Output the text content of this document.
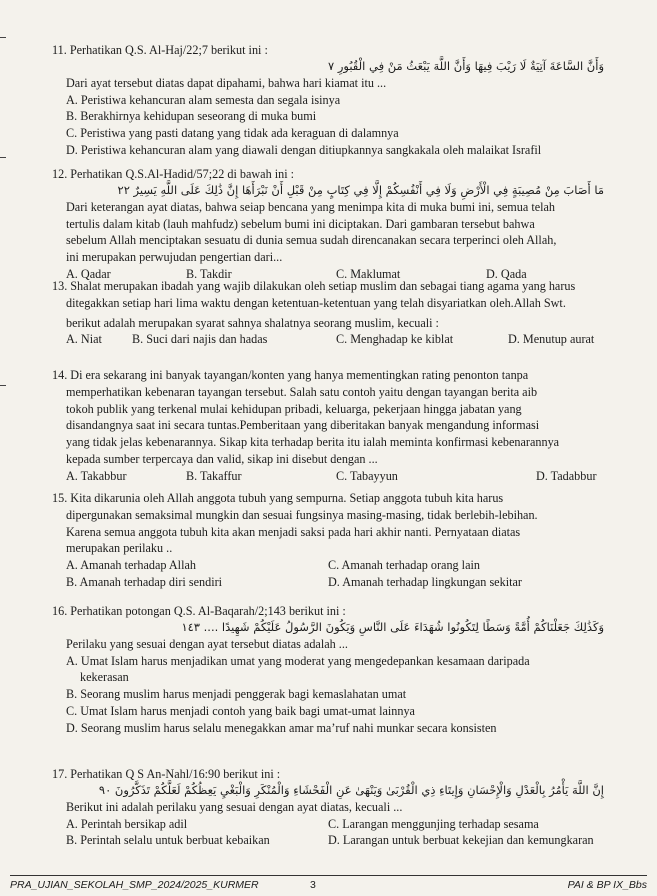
11. Perhatikan Q.S. Al-Haj/22;7 berikut ini :

وَأَنَّ السَّاعَةَ آتِيَةٌ لَا رَيْبَ فِيهَا وَأَنَّ اللَّهَ يَبْعَثُ مَنْ فِي الْقُبُورِ ٧

Dari ayat tersebut diatas dapat dipahami, bahwa hari kiamat itu ...

A. Peristiwa kehancuran alam semesta dan segala isinya
B. Berakhirnya kehidupan seseorang di muka bumi
C. Peristiwa yang pasti datang yang tidak ada keraguan di dalamnya
D. Peristiwa kehancuran alam yang diawali dengan ditiupkannya sangkakala oleh malaikat Israfil

12. Perhatikan Q.S.Al-Hadid/57;22 di bawah ini :

مَا أَصَابَ مِنْ مُصِيبَةٍ فِي الْأَرْضِ وَلَا فِي أَنْفُسِكُمْ إِلَّا فِي كِتَابٍ مِنْ قَبْلِ أَنْ نَبْرَأَهَا إِنَّ ذَٰلِكَ عَلَى اللَّهِ يَسِيرٌ ٢٢

Dari keterangan ayat diatas, bahwa seiap bencana yang menimpa kita di muka bumi ini, semua telah
tertulis dalam kitab (lauh mahfudz) sebelum bumi ini diciptakan. Dari gambaran tersebut bahwa
sebelum Allah menciptakan sesuatu di dunia semua sudah direncanakan secara terperinci oleh Allah,
ini merupakan perwujudan pengertian dari...
A. Qadar	B. Takdir	C. Maklumat	D. Qada

13. Shalat merupakan ibadah yang wajib dilakukan oleh setiap muslim dan sebagai tiang agama yang harus

ditegakkan setiap hari lima waktu dengan ketentuan-ketentuan yang telah disyariatkan oleh.Allah Swt.

berikut adalah merupakan syarat sahnya shalatnya seorang muslim, kecuali :

A. Niat	B. Suci dari najis dan hadas	C. Menghadap ke kiblat	D. Menutup aurat

14. Di era sekarang ini banyak tayangan/konten yang hanya mementingkan rating penonton tanpa

memperhatikan kebenaran tayangan tersebut. Salah satu contoh yaitu dengan tayangan berita aib
tokoh publik yang terkenal mulai kehidupan pribadi, keluarga, pekerjaan hingga jabatan yang
disandangnya saat ini secara tuntas.Pemberitaan yang diberitakan banyak mengandung informasi
yang tidak jelas kebenarannya. Sikap kita terhadap berita itu ialah meminta konfirmasi kebenarannya
kepada sumber terpercaya dan valid, sikap ini disebut dengan ...
A. Takabbur	B. Takaffur	C. Tabayyun	D. Tadabbur

15. Kita dikarunia oleh Allah anggota tubuh yang sempurna. Setiap anggota tubuh kita harus

dipergunakan semaksimal mungkin dan sesuai fungsinya masing-masing, tidak berlebih-lebihan.
Karena semua anggota tubuh kita akan menjadi saksi pada hari akhir nanti. Pernyataan diatas
merupakan perilaku ..
A. Amanah terhadap Allah	C. Amanah terhadap orang lain
B. Amanah terhadap diri sendiri	D. Amanah terhadap lingkungan sekitar

16. Perhatikan potongan Q.S. Al-Baqarah/2;143 berikut ini :

وَكَذَٰلِكَ جَعَلْنَاكُمْ أُمَّةً وَسَطًا لِتَكُونُوا شُهَدَاءَ عَلَى النَّاسِ وَيَكُونَ الرَّسُولُ عَلَيْكُمْ شَهِيدًا .... ١٤٣

Perilaku yang sesuai dengan ayat tersebut diatas adalah ...

A. Umat Islam harus menjadikan umat yang moderat yang mengedepankan kesamaan daripada
kekerasan
B. Seorang muslim harus menjadi penggerak bagi kemaslahatan umat
C. Umat Islam harus menjadi contoh yang baik bagi umat-umat lainnya
D. Seorang muslim harus selalu menegakkan amar ma’ruf nahi munkar secara konsisten

17. Perhatikan Q S An-Nahl/16:90 berikut ini :

إِنَّ اللَّهَ يَأْمُرُ بِالْعَدْلِ وَالْإِحْسَانِ وَإِيتَاءِ ذِي الْقُرْبَىٰ وَيَنْهَىٰ عَنِ الْفَحْشَاءِ وَالْمُنْكَرِ وَالْبَغْيِ يَعِظُكُمْ لَعَلَّكُمْ تَذَكَّرُونَ ٩٠

Berikut ini adalah perilaku yang sesuai dengan ayat diatas, kecuali ...

A. Perintah bersikap adil	C. Larangan menggunjing terhadap sesama
B. Perintah selalu untuk berbuat kebaikan	D. Larangan untuk berbuat kekejian dan kemungkaran
PRA_UJIAN_SEKOLAH_SMP_2024/2025_KURMER	3	PAI & BP IX_Bbs
